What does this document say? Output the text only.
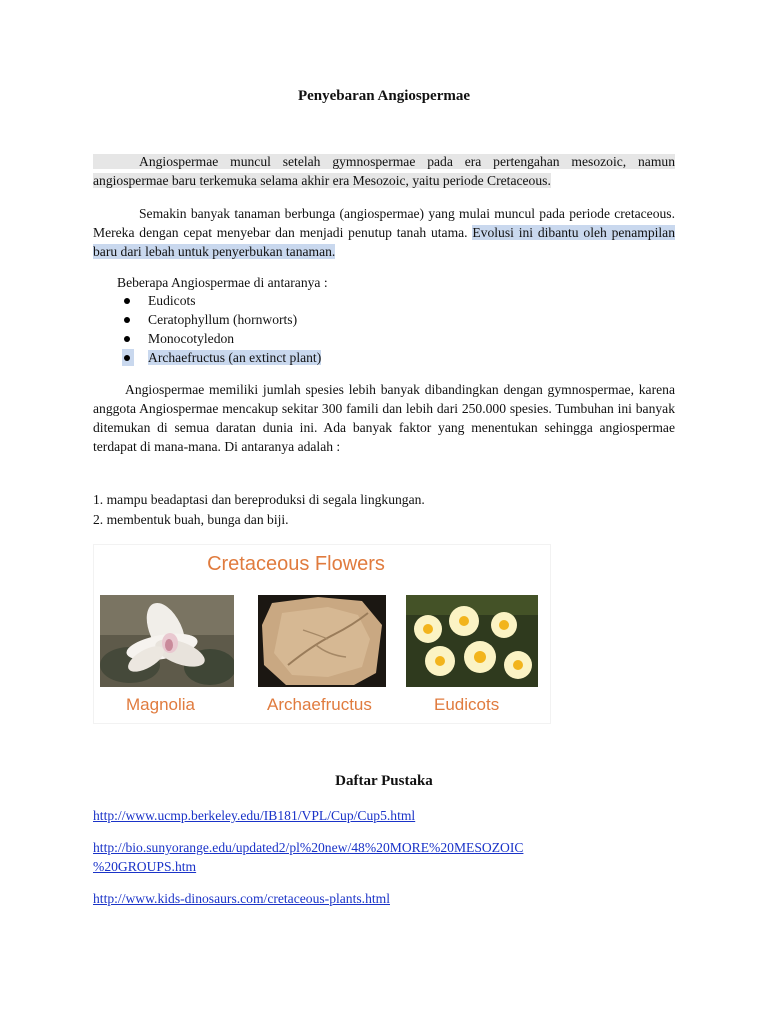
Penyebaran Angiospermae
Angiospermae muncul setelah gymnospermae pada era pertengahan mesozoic, namun angiospermae baru terkemuka selama akhir era Mesozoic, yaitu periode Cretaceous.
Semakin banyak tanaman berbunga (angiospermae) yang mulai muncul pada periode cretaceous. Mereka dengan cepat menyebar dan menjadi penutup tanah utama. Evolusi ini dibantu oleh penampilan baru dari lebah untuk penyerbukan tanaman.
Beberapa Angiospermae di antaranya :
Eudicots
Ceratophyllum (hornworts)
Monocotyledon
Archaefructus (an extinct plant)
Angiospermae memiliki jumlah spesies lebih banyak dibandingkan dengan gymnospermae, karena anggota Angiospermae mencakup sekitar 300 famili dan lebih dari 250.000 spesies. Tumbuhan ini banyak ditemukan di semua daratan dunia ini. Ada banyak faktor yang menentukan sehingga angiospermae terdapat di mana-mana. Di antaranya adalah :
1. mampu beadaptasi dan bereproduksi di segala lingkungan.
2. membentuk buah, bunga dan biji.
Cretaceous Flowers
Magnolia	Archaefructus	Eudicots
Daftar Pustaka
http://www.ucmp.berkeley.edu/IB181/VPL/Cup/Cup5.html
http://bio.sunyorange.edu/updated2/pl%20new/48%20MORE%20MESOZOIC
%20GROUPS.htm
http://www.kids-dinosaurs.com/cretaceous-plants.html
